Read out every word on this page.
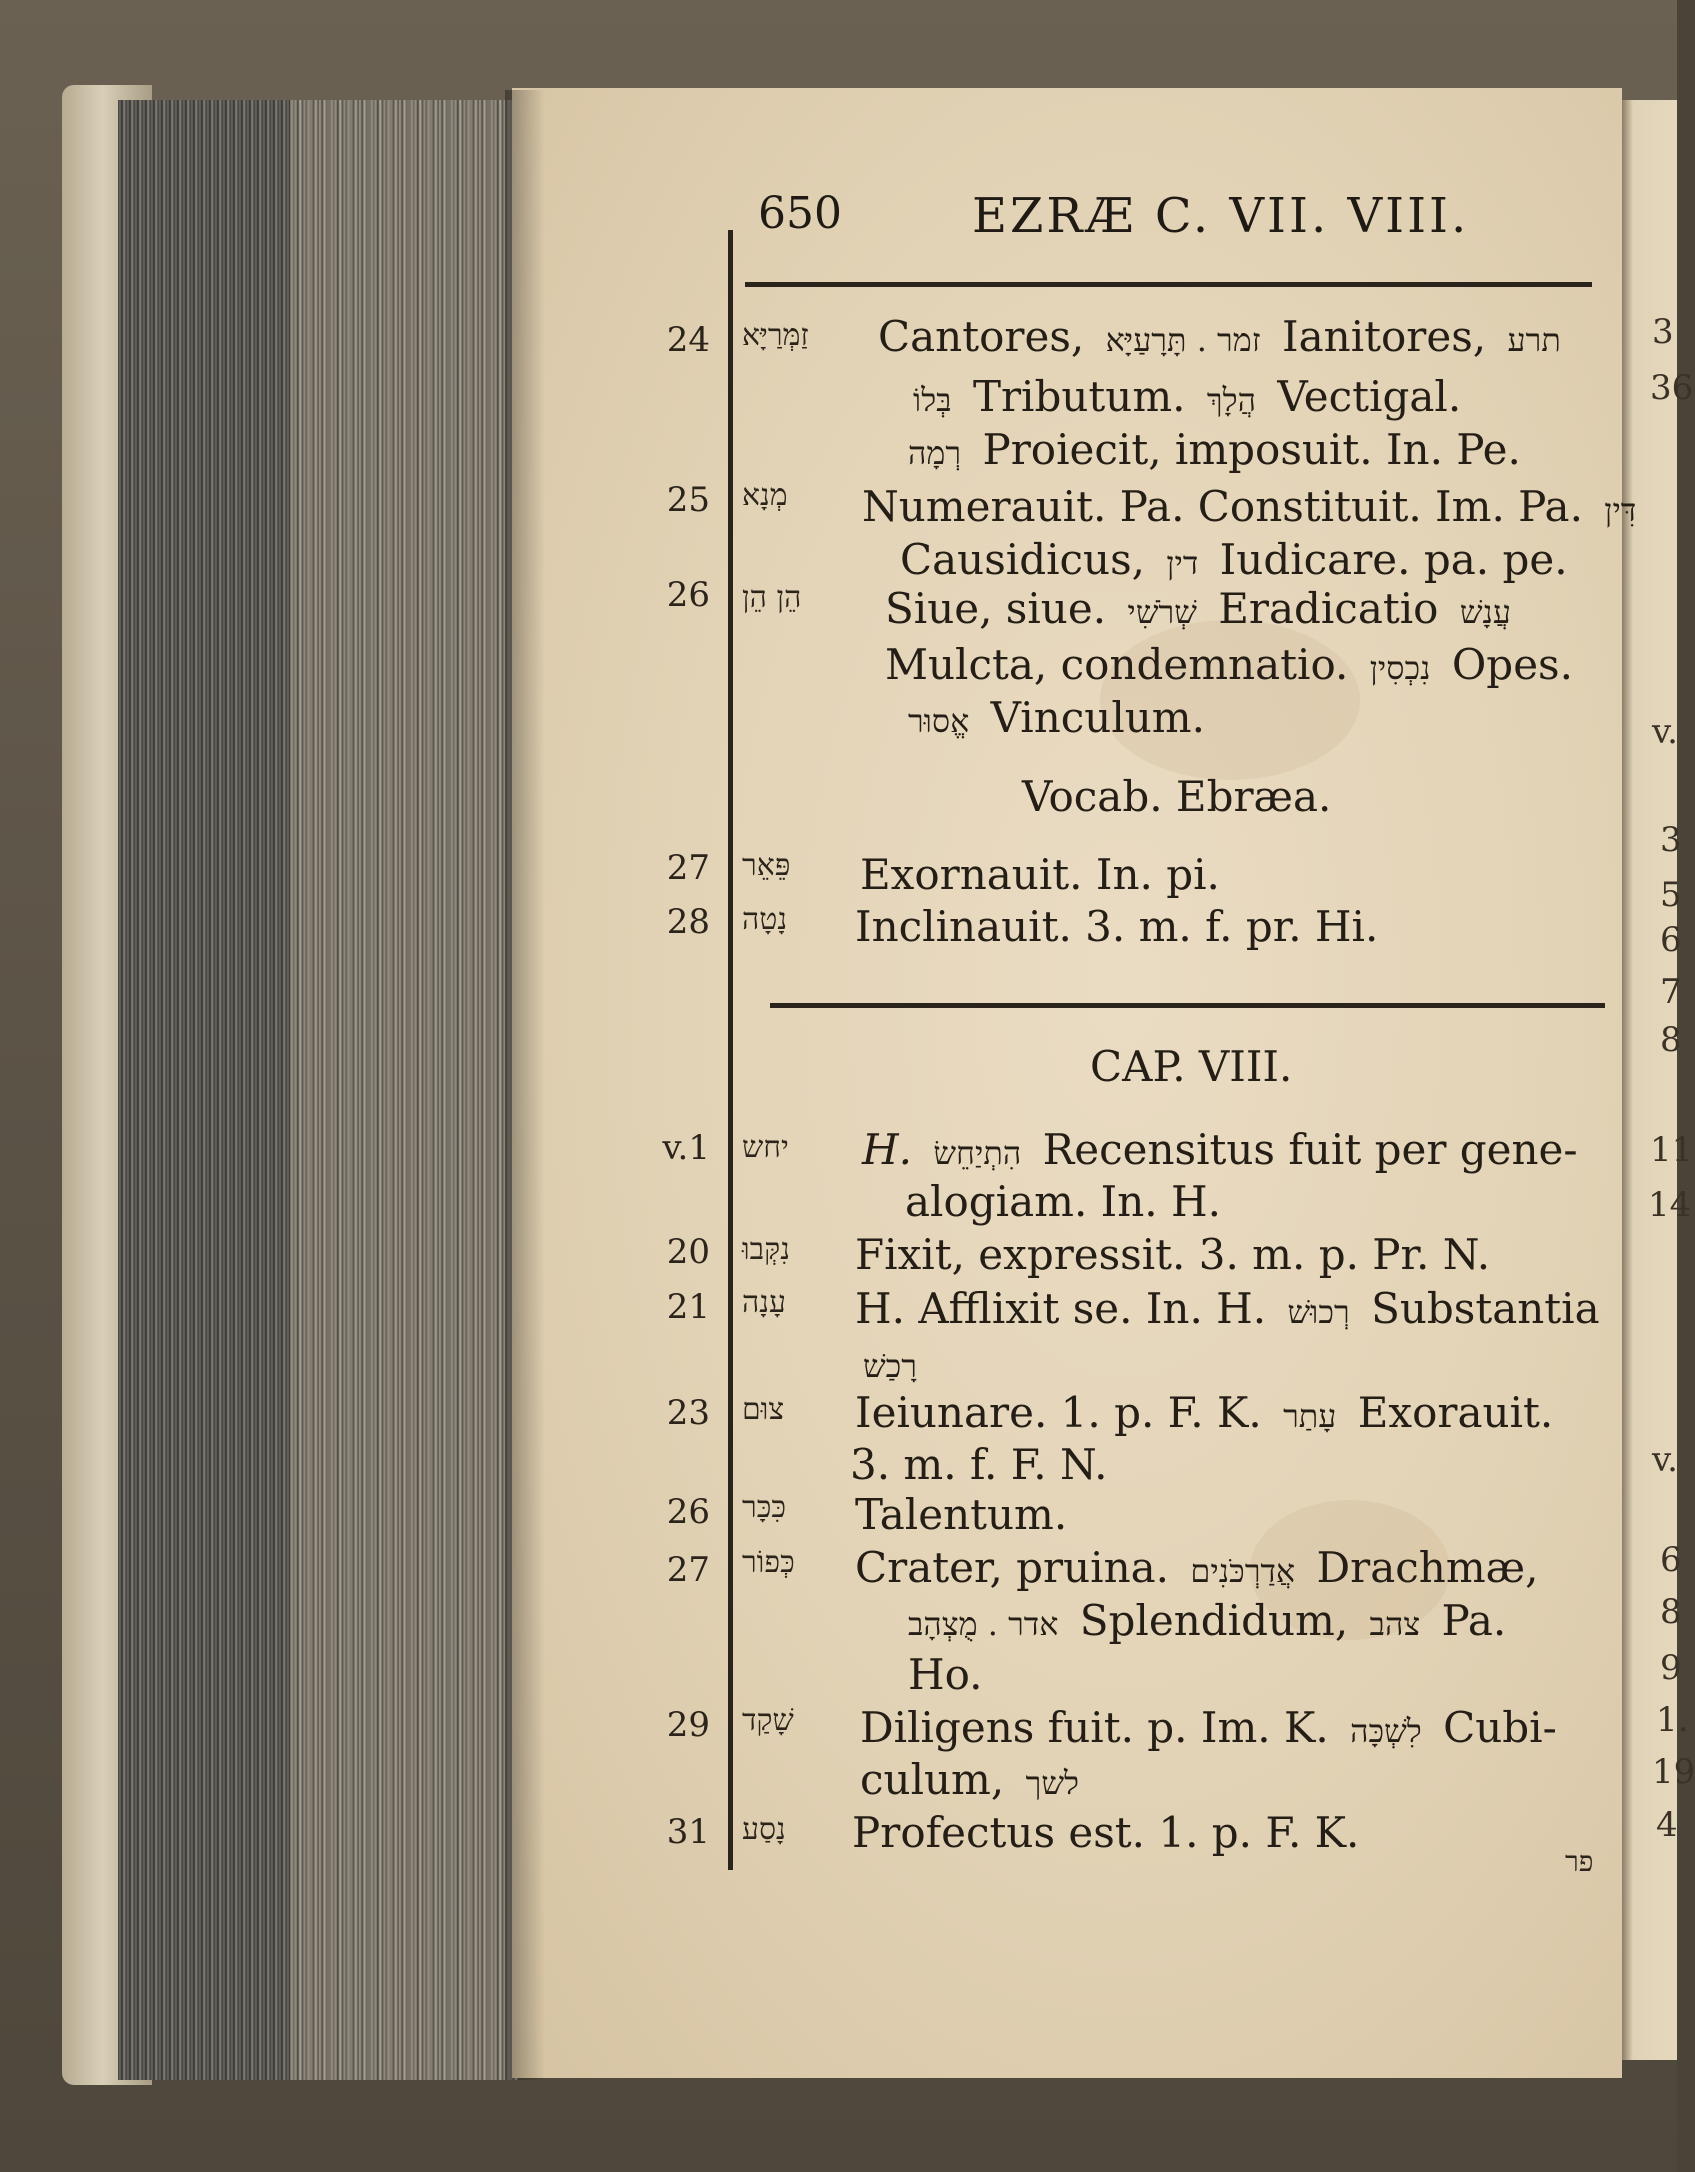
650	EZRÆ C. VII. VIII.
24
25
26
27
28
v.1
20
21
23
26
27
29
31
זַמְּרַיָּא
מְנָא
הֵן הֵן
פֵּאֵר
נָטָה
יחש
נִקְּבוּ
עָנָה
צוּם
כִּכָּר
כְּפוֹר
שָׁקַד
נָסַע
Cantores, זמר . תָּרָעַיָּא Ianitores, תרע
בְּלוֹ Tributum. הֲלָךְ Vectigal.
רְמָה Proiecit, imposuit. In. Pe.
Numerauit. Pa. Constituit. Im. Pa. דִּין
Causidicus, דין Iudicare. pa. pe.
Siue, siue. שְׁרֹשִׁי Eradicatio עֲנָשׁ
Mulcta, condemnatio. נִכְסִין Opes.
אֱסוּר Vinculum.
Vocab. Ebræa.
Exornauit. In. pi.
Inclinauit. 3. m. f. pr. Hi.
CAP. VIII.
H. הִתְיַחֵשׂ Recensitus fuit per gene-
alogiam. In. H.
Fixit, expressit. 3. m. p. Pr. N.
H. Afflixit se. In. H. רְכוּשׁ Substantia
רָכַשׁ
Ieiunare. 1. p. F. K. עָתַר Exorauit.
3. m. f. F. N.
Talentum.
Crater, pruina. אֲדַרְכֹּנִים Drachmæ,
אדר . מֻצְהָב Splendidum, צהב Pa.
Ho.
Diligens fuit. p. Im. K. לִשְׁכָּה Cubi-
culum, לשך
Profectus est. 1. p. F. K.
פר
3
36
v.
3
5
6
7
8
11
14
v.
6
8
9
1.
19
4
